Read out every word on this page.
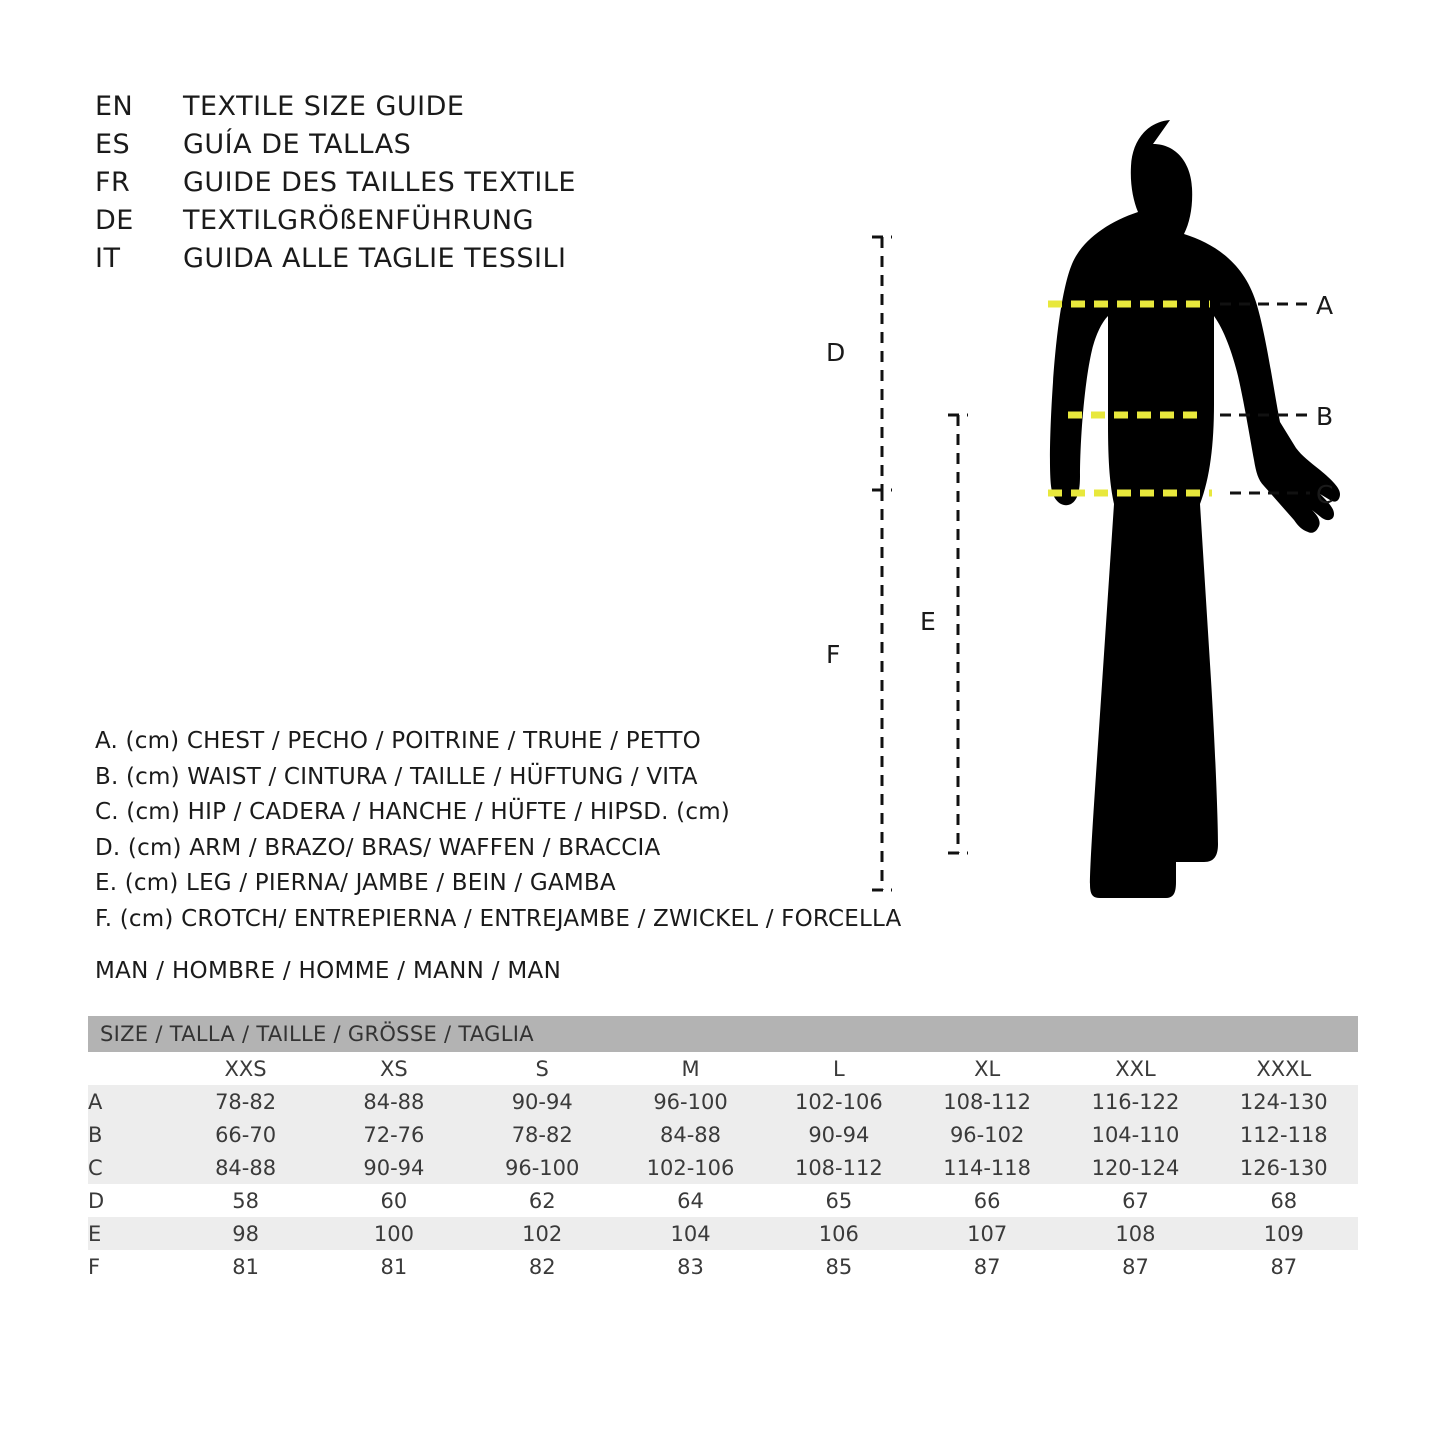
EN	TEXTILE SIZE GUIDE
ES	GUÍA DE TALLAS
FR	GUIDE DES TAILLES TEXTILE
DE	TEXTILGRÖßENFÜHRUNG
IT	GUIDA ALLE TAGLIE TESSILI
A. (cm) CHEST / PECHO / POITRINE / TRUHE / PETTO
B. (cm) WAIST / CINTURA / TAILLE / HÜFTUNG / VITA
C. (cm) HIP / CADERA / HANCHE / HÜFTE / HIPSD. (cm)
D. (cm) ARM / BRAZO/ BRAS/ WAFFEN / BRACCIA
E. (cm) LEG / PIERNA/ JAMBE / BEIN / GAMBA
F. (cm) CROTCH/ ENTREPIERNA / ENTREJAMBE / ZWICKEL / FORCELLA
MAN / HOMBRE / HOMME / MANN / MAN
A
B
C
D
E
F
SIZE / TALLA / TAILLE / GRÖSSE / TAGLIA								
	XXS	XS	S	M	L	XL	XXL	XXXL
A	78-82	84-88	90-94	96-100	102-106	108-112	116-122	124-130
B	66-70	72-76	78-82	84-88	90-94	96-102	104-110	112-118
C	84-88	90-94	96-100	102-106	108-112	114-118	120-124	126-130
D	58	60	62	64	65	66	67	68
E	98	100	102	104	106	107	108	109
F	81	81	82	83	85	87	87	87
